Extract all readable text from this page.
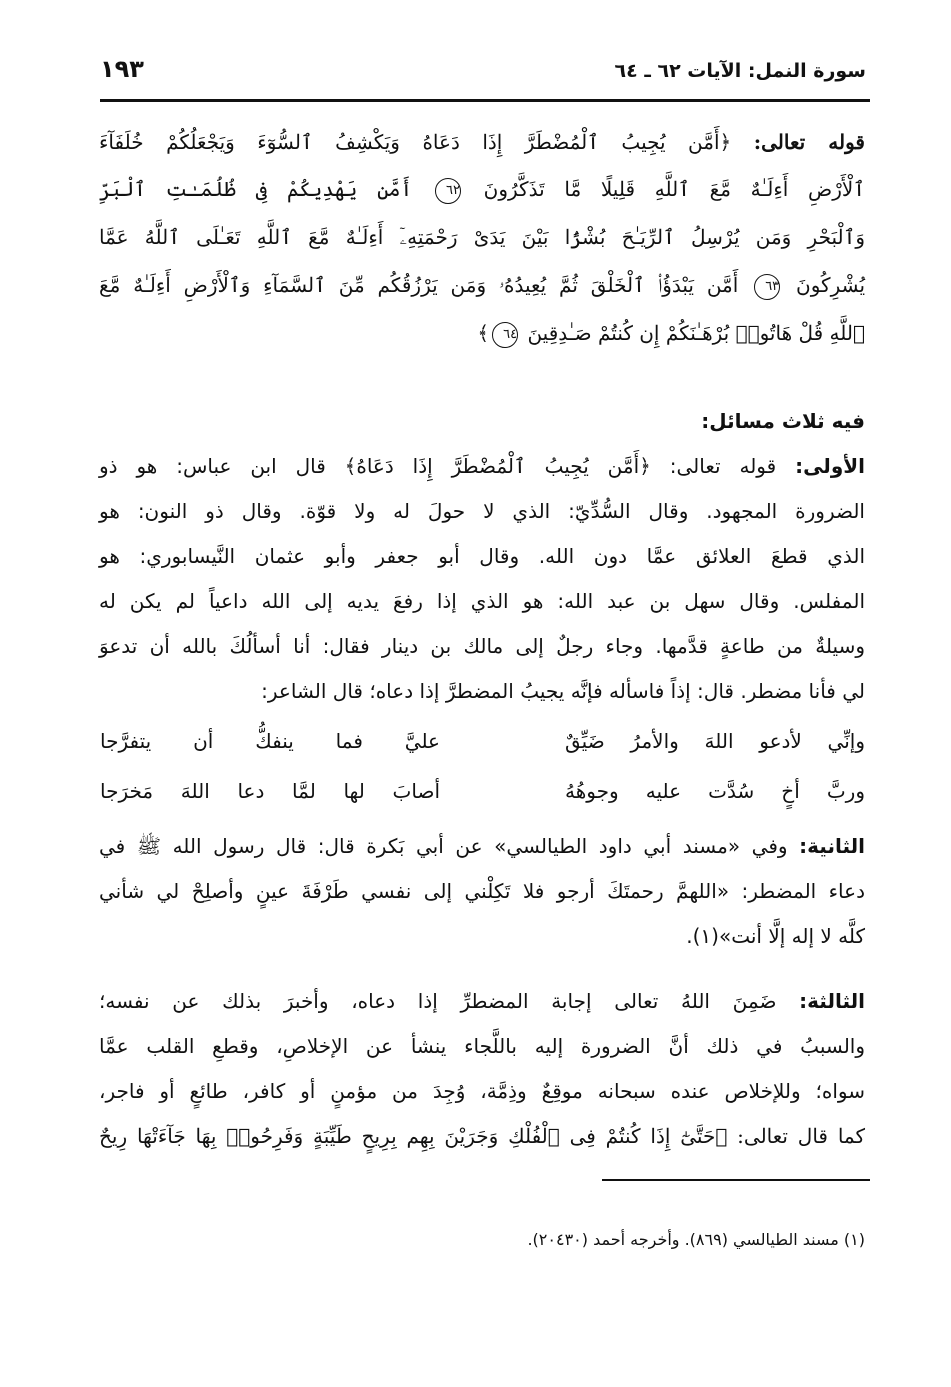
سورة النمل: الآيات ٦٢ ـ ٦٤
١٩٣
قوله تعالى: ﴿أَمَّن يُجِيبُ ٱلْمُضْطَرَّ إِذَا دَعَاهُ وَيَكْشِفُ ٱلسُّوٓءَ وَيَجْعَلُكُمْ خُلَفَآءَ
ٱلْأَرْضِ أَءِلَـٰهٌ مَّعَ ٱللَّهِ قَلِيلًا مَّا تَذَكَّرُونَ ٦٢ أَمَّن يَهْدِيكُمْ فِى ظُلُمَـٰتِ ٱلْبَرِّ
وَٱلْبَحْرِ وَمَن يُرْسِلُ ٱلرِّيَـٰحَ بُشْرًۢا بَيْنَ يَدَىْ رَحْمَتِهِۦٓ أَءِلَـٰهٌ مَّعَ ٱللَّهِ تَعَـٰلَى ٱللَّهُ عَمَّا
يُشْرِكُونَ ٦٣ أَمَّن يَبْدَؤُا۟ ٱلْخَلْقَ ثُمَّ يُعِيدُهُۥ وَمَن يَرْزُقُكُم مِّنَ ٱلسَّمَآءِ وَٱلْأَرْضِ أَءِلَـٰهٌ مَّعَ
ٱللَّهِ قُلْ هَاتُوا۟ بُرْهَـٰنَكُمْ إِن كُنتُمْ صَـٰدِقِينَ ٦٤﴾
فيه ثلاث مسائل:
الأولى: قوله تعالى: ﴿أَمَّن يُجِيبُ ٱلْمُضْطَرَّ إِذَا دَعَاهُ﴾ قال ابن عباس: هو ذو
الضرورة المجهود. وقال السُّدِّيّ: الذي لا حولَ له ولا قوّة. وقال ذو النون: هو
الذي قطعَ العلائق عمَّا دون الله. وقال أبو جعفر وأبو عثمان النَّيسابوري: هو
المفلس. وقال سهل بن عبد الله: هو الذي إذا رفعَ يديه إلى الله داعياً لم يكن له
وسيلةٌ من طاعةٍ قدَّمها. وجاء رجلٌ إلى مالك بن دينار فقال: أنا أسألُكَ بالله أن تدعوَ
لي فأنا مضطر. قال: إذاً فاسأله فإنَّه يجيبُ المضطرَّ إذا دعاه؛ قال الشاعر:
وإنِّي لأدعو اللهَ والأمرُ ضَيِّقٌ
عليَّ فما ينفكُّ أن يتفرَّجا
وربَّ أخٍ سُدَّت عليه وجوهُهُ
أصابَ لها لمَّا دعا اللهَ مَخرَجا
الثانية: وفي «مسند أبي داود الطيالسي» عن أبي بَكرة قال: قال رسول الله ﷺ في
دعاء المضطر: «اللهمَّ رحمتَكَ أرجو فلا تَكِلْني إلى نفسي طَرْفَةَ عينٍ وأصلِحْ لي شأني
كلَّه لا إله إلَّا أنت»(١).
الثالثة: ضَمِنَ اللهُ تعالى إجابة المضطرِّ إذا دعاه، وأخبرَ بذلك عن نفسه؛
والسببُ في ذلك أنَّ الضرورة إليه باللَّجاء ينشأ عن الإخلاصِ، وقطعِ القلب عمَّا
سواه؛ وللإخلاص عنده سبحانه موقِعٌ وذِمَّة، وُجِدَ من مؤمنٍ أو كافر، طائعٍ أو فاجر،
كما قال تعالى: ﴿حَتَّىٰٓ إِذَا كُنتُمْ فِى ٱلْفُلْكِ وَجَرَيْنَ بِهِم بِرِيحٍ طَيِّبَةٍ وَفَرِحُوا۟ بِهَا جَآءَتْهَا رِيحٌ
(١) مسند الطيالسي (٨٦٩). وأخرجه أحمد (٢٠٤٣٠).
